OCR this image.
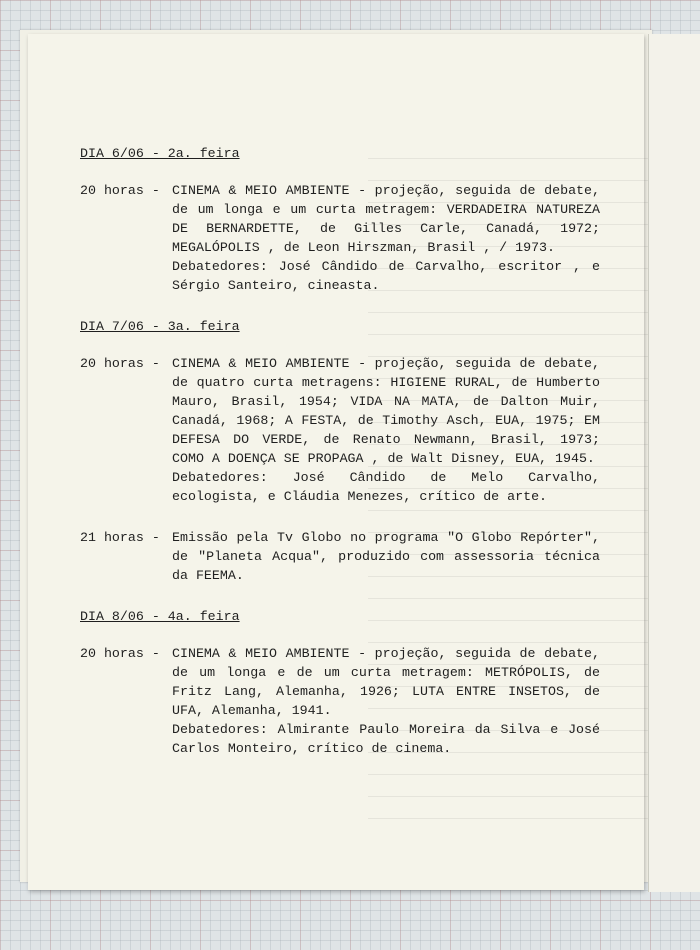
DIA 6/06 - 2a. feira

20 horas - CINEMA & MEIO AMBIENTE - projeção, seguida de debate, de um longa e um curta metragem: VERDADEIRA NATUREZA DE BERNARDETTE, de Gilles Carle, Canadá, 1972; MEGALÓPOLIS , de Leon Hirszman, Brasil , / 1973.

Debatedores: José Cândido de Carvalho, escritor , e Sérgio Santeiro, cineasta.

DIA 7/06 - 3a. feira

20 horas - CINEMA & MEIO AMBIENTE - projeção, seguida de debate, de quatro curta metragens: HIGIENE RURAL, de Humberto Mauro, Brasil, 1954; VIDA NA MATA, de Dalton Muir, Canadá, 1968; A FESTA, de Timothy Asch, EUA, 1975; EM DEFESA DO VERDE, de Renato Newmann, Brasil, 1973; COMO A DOENÇA SE PROPAGA , de Walt Disney, EUA, 1945.

Debatedores: José Cândido de Melo Carvalho, ecologista, e Cláudia Menezes, crítico de arte.

21 horas - Emissão pela Tv Globo no programa "O Globo Repórter", de "Planeta Acqua", produzido com assessoria técnica da FEEMA.

DIA 8/06 - 4a. feira

20 horas - CINEMA & MEIO AMBIENTE - projeção, seguida de debate, de um longa e de um curta metragem: METRÓPOLIS, de Fritz Lang, Alemanha, 1926; LUTA ENTRE INSETOS, de UFA, Alemanha, 1941.

Debatedores: Almirante Paulo Moreira da Silva e José Carlos Monteiro, crítico de cinema.
